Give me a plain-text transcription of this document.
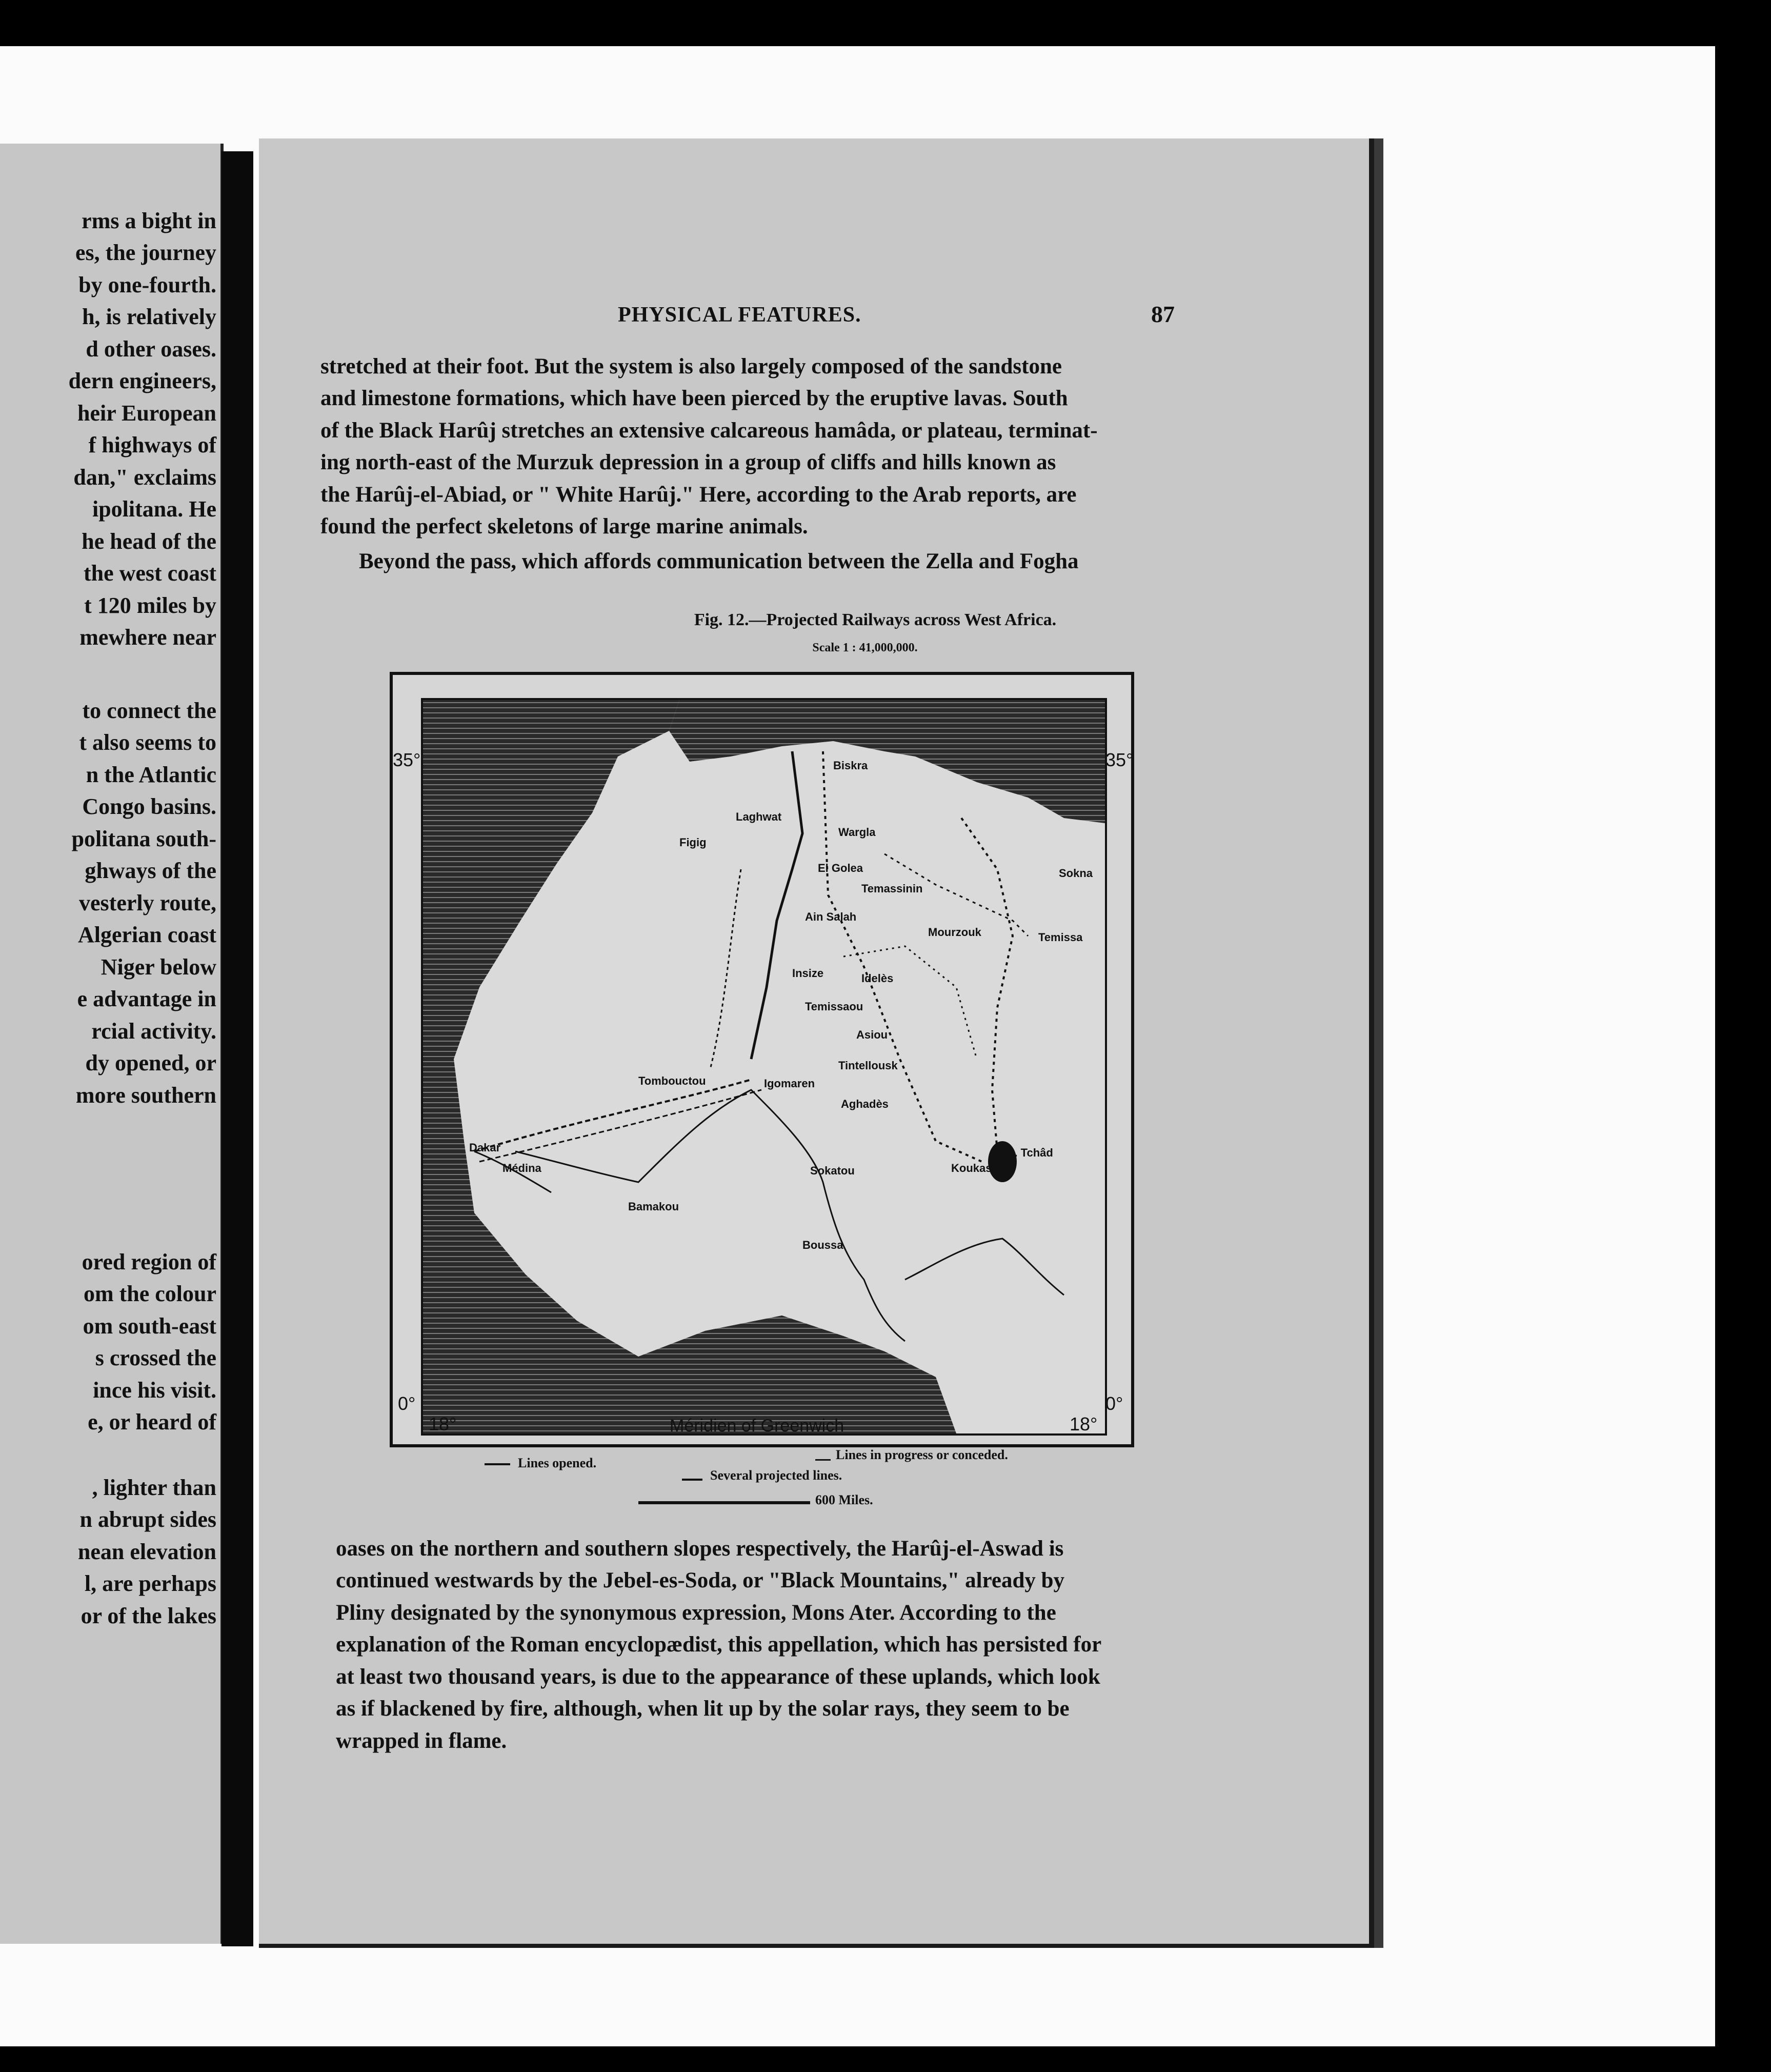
rms a bight in
es, the journey
by one-fourth.
h, is relatively
d other oases.
dern engineers,
heir European
f highways of
dan," exclaims
ipolitana. He
he head of the
the west coast
t 120 miles by
mewhere near
to connect the
t also seems to
n the Atlantic
Congo basins.
politana south-
ghways of the
vesterly route,
Algerian coast
Niger below
e advantage in
rcial activity.
dy opened, or
more southern
ored region of
om the colour
om south-east
s crossed the
ince his visit.
e, or heard of
, lighter than
n abrupt sides
nean elevation
l, are perhaps
or of the lakes
PHYSICAL FEATURES.	87
stretched at their foot. But the system is also largely composed of the sandstone
and limestone formations, which have been pierced by the eruptive lavas. South
of the Black Harûj stretches an extensive calcareous hamâda, or plateau, terminat-
ing north-east of the Murzuk depression in a group of cliffs and hills known as
the Harûj-el-Abiad, or " White Harûj." Here, according to the Arab reports, are
found the perfect skeletons of large marine animals.
Beyond the pass, which affords communication between the Zella and Fogha
Fig. 12.—Projected Railways across West Africa.
Scale 1 : 41,000,000.
Biskra
Laghwat
Figig
Wargla
El Golea
Temassinin
Sokna
Ain Salah
Mourzouk	Temissa
Insize	Idelès
Temissaou
Asiou
Tintellousk
Tombouctou	Igomaren
Aghadès
Dakar
Médina	Sokatou	Koukas
L. Tchâd
Bamakou
Boussa
35°	35°
0°	0°
18°	18°
Méridien of Greenwich
Lines opened.
Lines in progress or conceded.
Several projected lines.
600 Miles.
oases on the northern and southern slopes respectively, the Harûj-el-Aswad is
continued westwards by the Jebel-es-Soda, or "Black Mountains," already by
Pliny designated by the synonymous expression, Mons Ater. According to the
explanation of the Roman encyclopædist, this appellation, which has persisted for
at least two thousand years, is due to the appearance of these uplands, which look
as if blackened by fire, although, when lit up by the solar rays, they seem to be
wrapped in flame.
